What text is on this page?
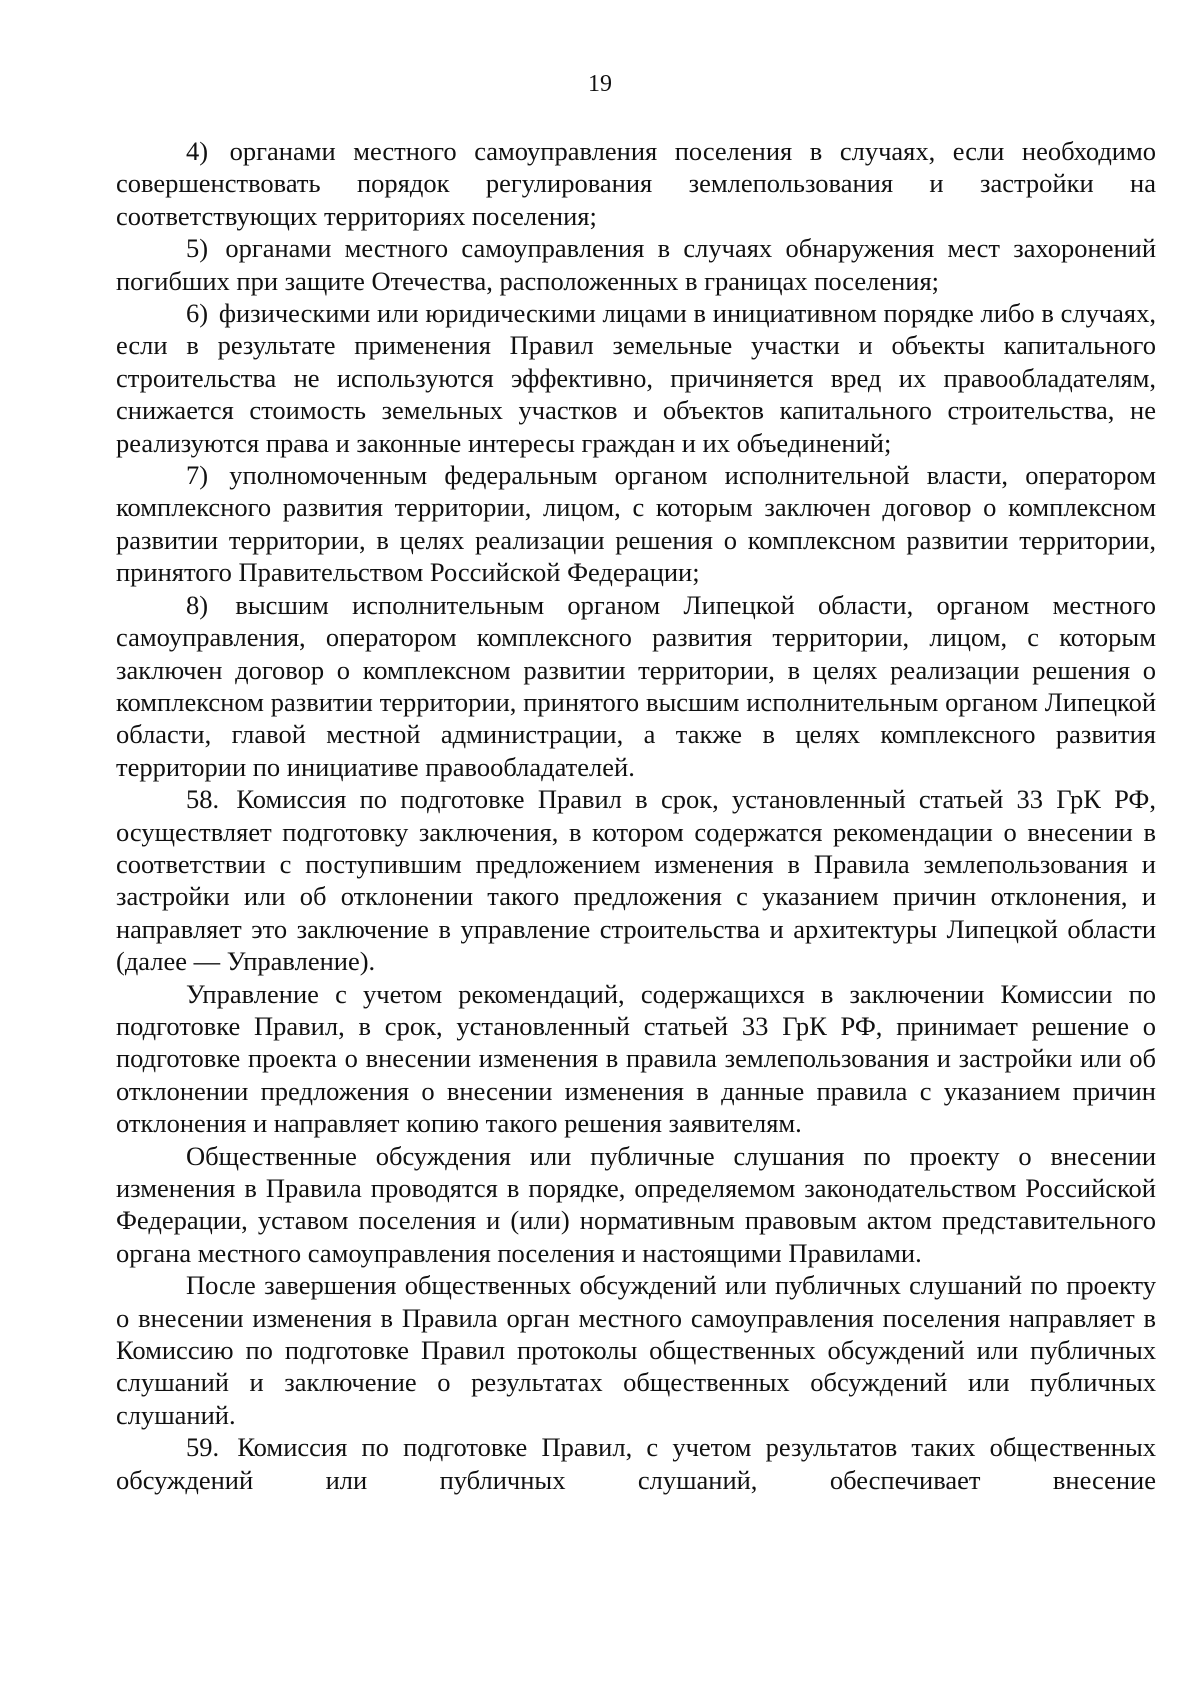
19

4) органами местного самоуправления поселения в случаях, если необходимо совершенствовать порядок регулирования землепользования и застройки на соответствующих территориях поселения;

5) органами местного самоуправления в случаях обнаружения мест захоронений погибших при защите Отечества, расположенных в границах поселения;

6) физическими или юридическими лицами в инициативном порядке либо в случаях, если в результате применения Правил земельные участки и объекты капитального строительства не используются эффективно, причиняется вред их правообладателям, снижается стоимость земельных участков и объектов капитального строительства, не реализуются права и законные интересы граждан и их объединений;

7) уполномоченным федеральным органом исполнительной власти, оператором комплексного развития территории, лицом, с которым заключен договор о комплексном развитии территории, в целях реализации решения о комплексном развитии территории, принятого Правительством Российской Федерации;

8) высшим исполнительным органом Липецкой области, органом местного самоуправления, оператором комплексного развития территории, лицом, с которым заключен договор о комплексном развитии территории, в целях реализации решения о комплексном развитии территории, принятого высшим исполнительным органом Липецкой области, главой местной администрации, а также в целях комплексного развития территории по инициативе правообладателей.

58. Комиссия по подготовке Правил в срок, установленный статьей 33 ГрК РФ, осуществляет подготовку заключения, в котором содержатся рекомендации о внесении в соответствии с поступившим предложением изменения в Правила землепользования и застройки или об отклонении такого предложения с указанием причин отклонения, и направляет это заключение в управление строительства и архитектуры Липецкой области (далее — Управление).

Управление с учетом рекомендаций, содержащихся в заключении Комиссии по подготовке Правил, в срок, установленный статьей 33 ГрК РФ, принимает решение о подготовке проекта о внесении изменения в правила землепользования и застройки или об отклонении предложения о внесении изменения в данные правила с указанием причин отклонения и направляет копию такого решения заявителям.

Общественные обсуждения или публичные слушания по проекту о внесении изменения в Правила проводятся в порядке, определяемом законодательством Российской Федерации, уставом поселения и (или) нормативным правовым актом представительного органа местного самоуправления поселения и настоящими Правилами.

После завершения общественных обсуждений или публичных слушаний по проекту о внесении изменения в Правила орган местного самоуправления поселения направляет в Комиссию по подготовке Правил протоколы общественных обсуждений или публичных слушаний и заключение о результатах общественных обсуждений или публичных слушаний.

59. Комиссия по подготовке Правил, с учетом результатов таких общественных обсуждений или публичных слушаний, обеспечивает внесение
